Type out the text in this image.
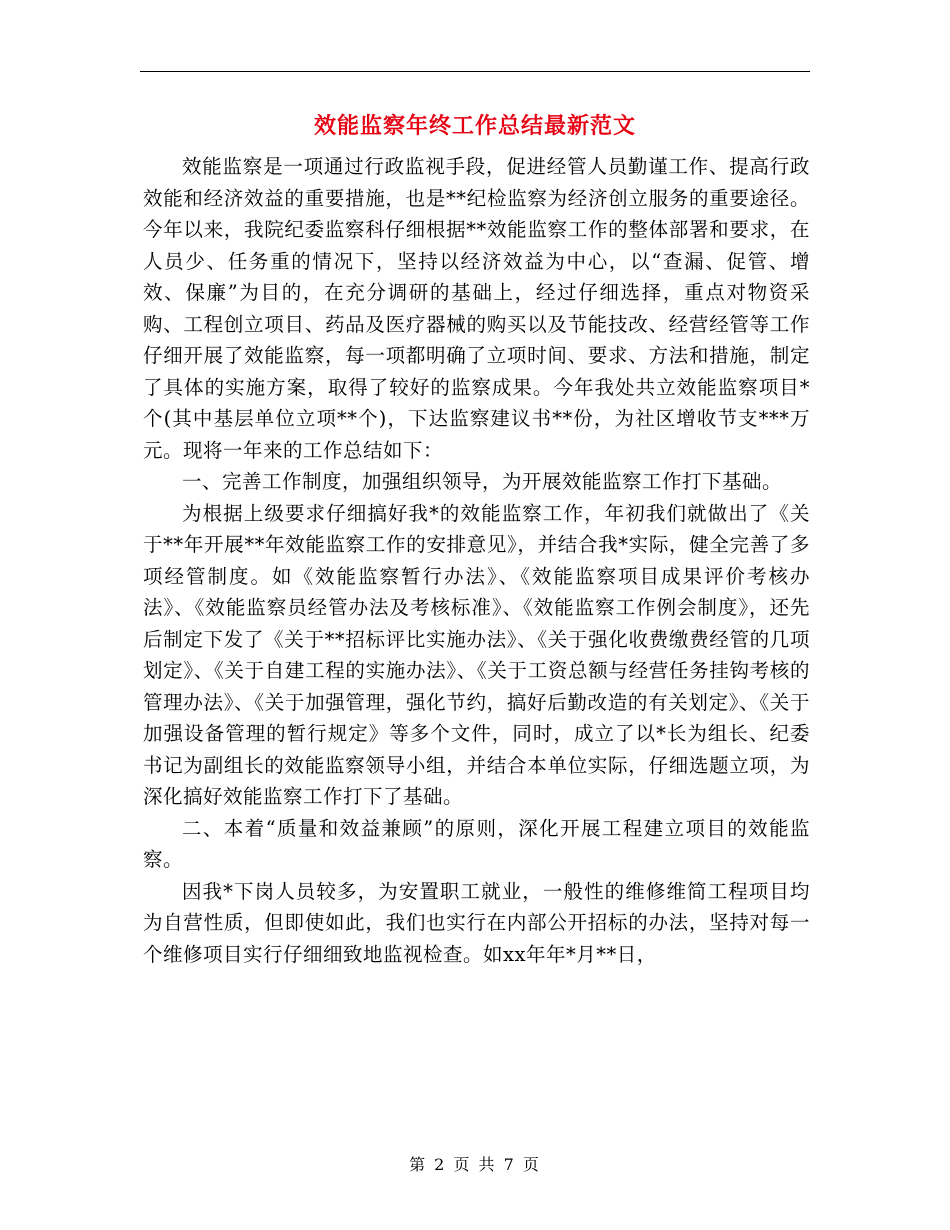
效能监察年终工作总结最新范文

效能监察是一项通过行政监视手段，促进经管人员勤谨工作、提高行政效能和经济效益的重要措施，也是**纪检监察为经济创立服务的重要途径。今年以来，我院纪委监察科仔细根据**效能监察工作的整体部署和要求，在人员少、任务重的情况下，坚持以经济效益为中心，以“查漏、促管、增效、保廉”为目的，在充分调研的基础上，经过仔细选择，重点对物资采购、工程创立项目、药品及医疗器械的购买以及节能技改、经营经管等工作仔细开展了效能监察，每一项都明确了立项时间、要求、方法和措施，制定了具体的实施方案，取得了较好的监察成果。今年我处共立效能监察项目*个(其中基层单位立项**个)，下达监察建议书**份，为社区增收节支***万元。现将一年来的工作总结如下：

一、完善工作制度，加强组织领导，为开展效能监察工作打下基础。

为根据上级要求仔细搞好我*的效能监察工作，年初我们就做出了《关于**年开展**年效能监察工作的安排意见》，并结合我*实际，健全完善了多项经管制度。如《效能监察暂行办法》、《效能监察项目成果评价考核办法》、《效能监察员经管办法及考核标准》、《效能监察工作例会制度》，还先后制定下发了《关于**招标评比实施办法》、《关于强化收费缴费经管的几项划定》、《关于自建工程的实施办法》、《关于工资总额与经营任务挂钩考核的管理办法》、《关于加强管理，强化节约，搞好后勤改造的有关划定》、《关于加强设备管理的暂行规定》等多个文件，同时，成立了以*长为组长、纪委书记为副组长的效能监察领导小组，并结合本单位实际，仔细选题立项，为深化搞好效能监察工作打下了基础。

二、本着“质量和效益兼顾”的原则，深化开展工程建立项目的效能监察。

因我*下岗人员较多，为安置职工就业，一般性的维修维简工程项目均为自营性质，但即使如此，我们也实行在内部公开招标的办法，坚持对每一个维修项目实行仔细细致地监视检查。如xx年年*月**日，

第 2 页 共 7 页
